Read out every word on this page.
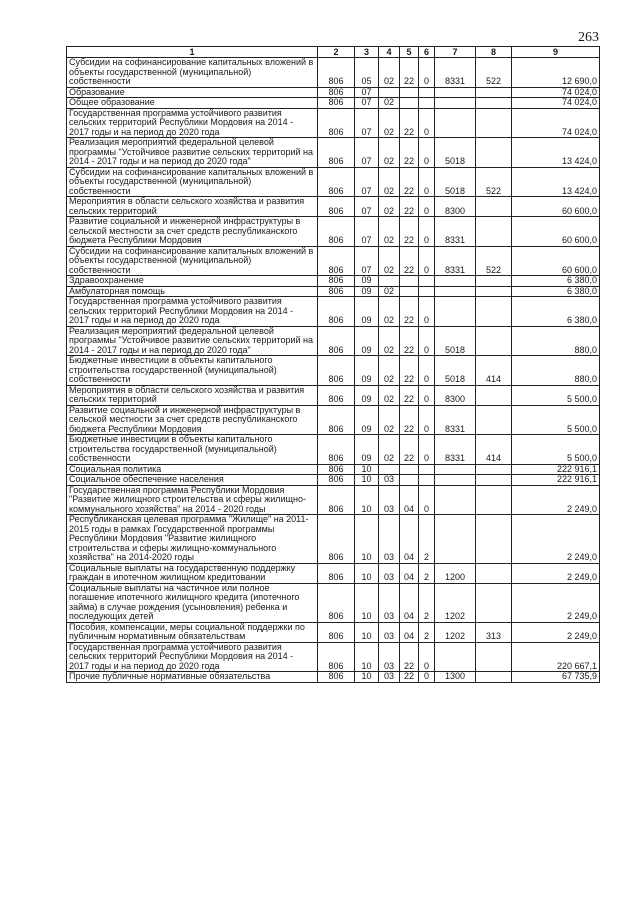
263
1	2	3	4	5	6	7	8	9
Субсидии на софинансирование капитальных вложений в объекты государственной (муниципальной) собственности	806	05	02	22	0	8331	522	12 690,0
Образование	806	07						74 024,0
Общее образование	806	07	02					74 024,0
Государственная программа устойчивого развития сельских территорий Республики Мордовия на 2014 - 2017 годы и на период до 2020 года	806	07	02	22	0			74 024,0
Реализация мероприятий федеральной целевой программы "Устойчивое развитие сельских территорий на 2014 - 2017 годы и на период до 2020 года"	806	07	02	22	0	5018		13 424,0
Субсидии на софинансирование капитальных вложений в объекты государственной (муниципальной) собственности	806	07	02	22	0	5018	522	13 424,0
Мероприятия в области сельского хозяйства и развития сельских территорий	806	07	02	22	0	8300		60 600,0
Развитие социальной и инженерной инфраструктуры в сельской местности за счет средств республиканского бюджета Республики Мордовия	806	07	02	22	0	8331		60 600,0
Субсидии на софинансирование капитальных вложений в объекты государственной (муниципальной) собственности	806	07	02	22	0	8331	522	60 600,0
Здравоохранение	806	09						6 380,0
Амбулаторная помощь	806	09	02					6 380,0
Государственная программа устойчивого развития сельских территорий Республики Мордовия на 2014 - 2017 годы и на период до 2020 года	806	09	02	22	0			6 380,0
Реализация мероприятий федеральной целевой программы "Устойчивое развитие сельских территорий на 2014 - 2017 годы и на период до 2020 года"	806	09	02	22	0	5018		880,0
Бюджетные инвестиции в объекты капитального строительства государственной (муниципальной) собственности	806	09	02	22	0	5018	414	880,0
Мероприятия в области сельского хозяйства и развития сельских территорий	806	09	02	22	0	8300		5 500,0
Развитие социальной и инженерной инфраструктуры в сельской местности за счет средств республиканского бюджета Республики Мордовия	806	09	02	22	0	8331		5 500,0
Бюджетные инвестиции в объекты капитального строительства государственной (муниципальной) собственности	806	09	02	22	0	8331	414	5 500,0
Социальная политика	806	10						222 916,1
Социальное обеспечение населения	806	10	03					222 916,1
Государственная программа Республики Мордовия "Развитие жилищного строительства и сферы жилищно-коммунального хозяйства" на 2014 - 2020 годы	806	10	03	04	0			2 249,0
Республиканская целевая программа "Жилище" на 2011-2015 годы в рамках Государственной программы Республики Мордовия "Развитие жилищного строительства и сферы жилищно-коммунального хозяйства" на 2014-2020 годы	806	10	03	04	2			2 249,0
Социальные выплаты на государственную поддержку граждан в ипотечном жилищном кредитовании	806	10	03	04	2	1200		2 249,0
Социальные выплаты на частичное или полное погашение ипотечного жилищного кредита (ипотечного займа) в случае рождения (усыновления) ребенка и последующих детей	806	10	03	04	2	1202		2 249,0
Пособия, компенсации, меры социальной поддержки по публичным нормативным обязательствам	806	10	03	04	2	1202	313	2 249,0
Государственная программа устойчивого развития сельских территорий Республики Мордовия на 2014 - 2017 годы и на период до 2020 года	806	10	03	22	0			220 667,1
Прочие публичные нормативные обязательства	806	10	03	22	0	1300		67 735,9
